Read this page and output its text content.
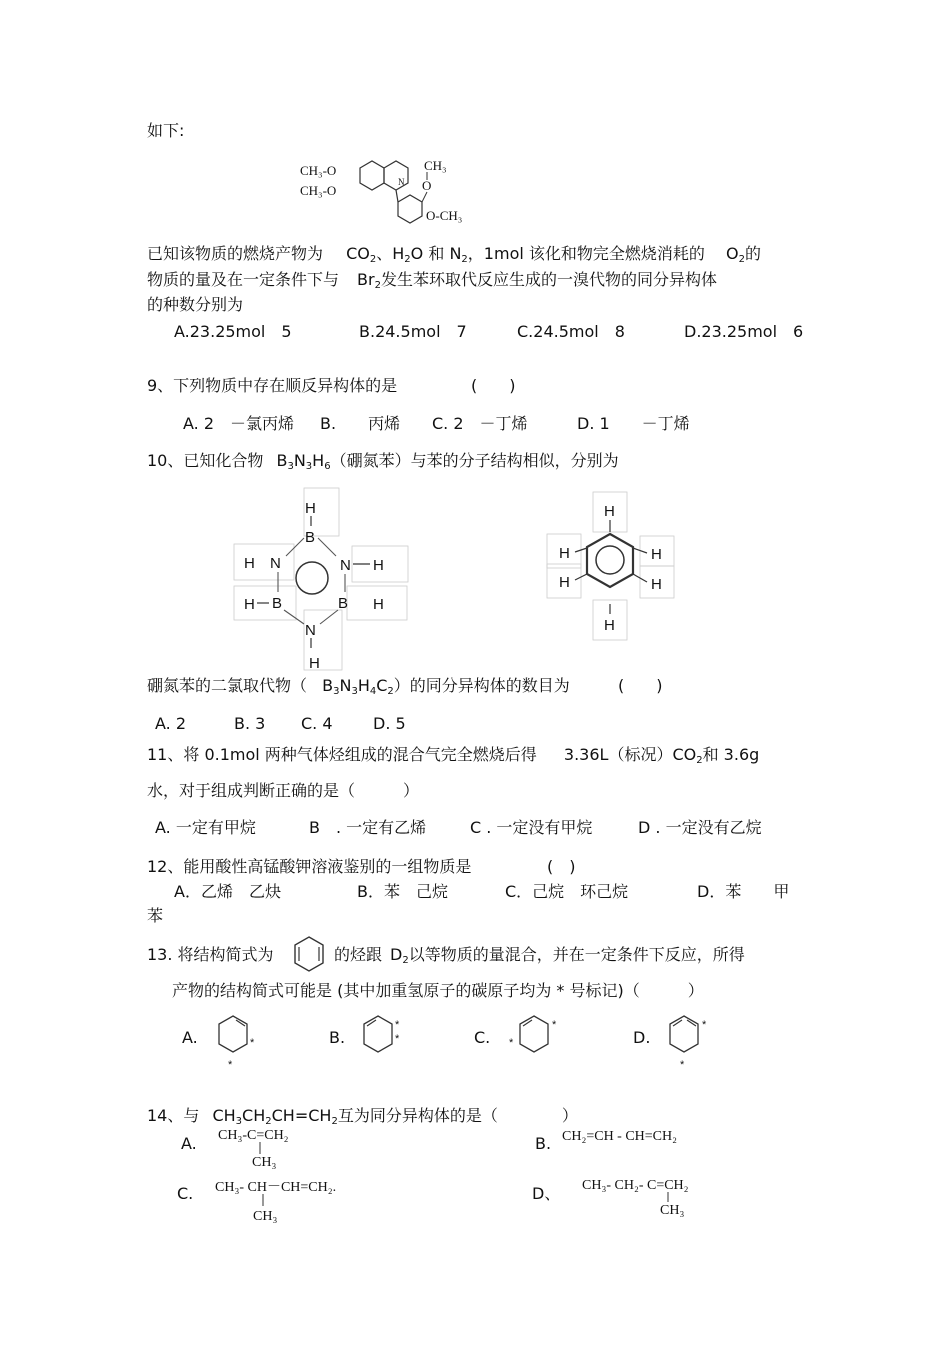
如下:
CH₃-O
CH₃-O
N
CH₃
O
O-CH₃
已知该物质的燃烧产物为 $CO_2$、$H_2O$ 和 $N_2$，1mol 该化和物完全燃烧消耗的 $O_2$的
物质的量及在一定条件下与 $Br_2$发生苯环取代反应生成的一溴代物的同分异构体
的种数分别为
A.23.25mol　5	B.24.5mol　7	C.24.5mol　8	D.23.25mol　6
9、下列物质中存在顺反异构体的是	(　　)
A. 2　－氯丙烯 B.　　丙烯 C. 2　－丁烯	D. 1　　－丁烯
10、已知化合物 $B_3N_3H_6$（硼氮苯）与苯的分子结构相似，分别为
H
B
H N	N H
H B	B H
N
H
H
H
H
H
H
H
硼氮苯的二氯取代物（ $B_3N_3H_4C_2$）的同分异构体的数目为	(　　)
A. 2	B. 3 C. 4	D. 5
11、将 0.1mol 两种气体烃组成的混合气完全燃烧后得 3.36L（标况）$CO_2$和 3.6g
水，对于组成判断正确的是（　　　）
A. 一定有甲烷	B　. 一定有乙烯	C . 一定没有甲烷	D . 一定没有乙烷
12、能用酸性高锰酸钾溶液鉴别的一组物质是	(　)
A．乙烯　乙炔	B．苯　己烷	C．己烷　环己烷	D．苯　　甲
苯
13. 将结构简式为	的烃跟 $D_2$以等物质的量混合，并在一定条件下反应，所得
产物的结构简式可能是 (其中加重氢原子的碳原子均为 * 号标记)（　　　）
A.	*
*
B.
*
*	C.
*
*	D.
*
*
14、与 $CH_3CH_2CH=CH_2$互为同分异构体的是（　　　　）
A. CH₃-C=CH₂
CH₃
B. CH₂=CH - CH=CH₂
C. CH₃- CH－CH=CH₂.
CH₃
D、 CH₃- CH₂- C=CH₂
CH₃
